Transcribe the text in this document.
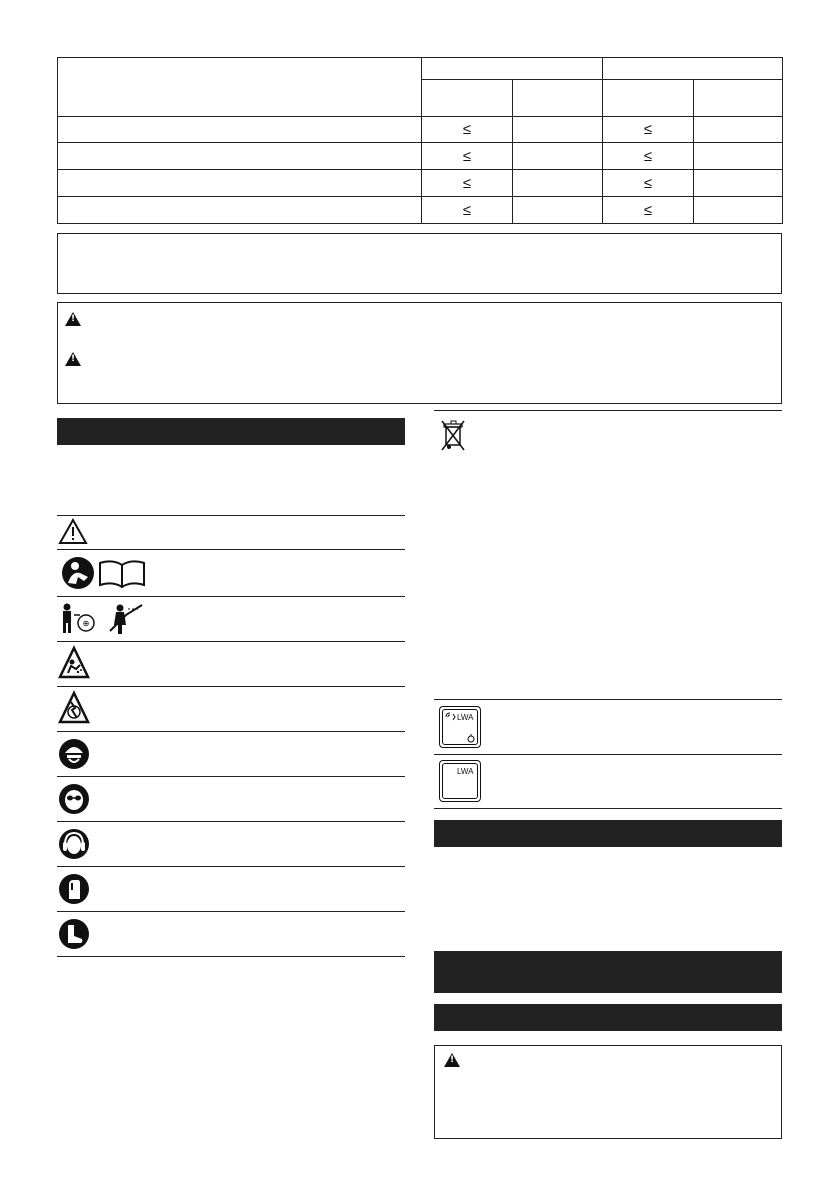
	≤		≤	
	≤		≤	
	≤		≤	
	≤		≤	
!
!
⊕
LWA
LWA
!
